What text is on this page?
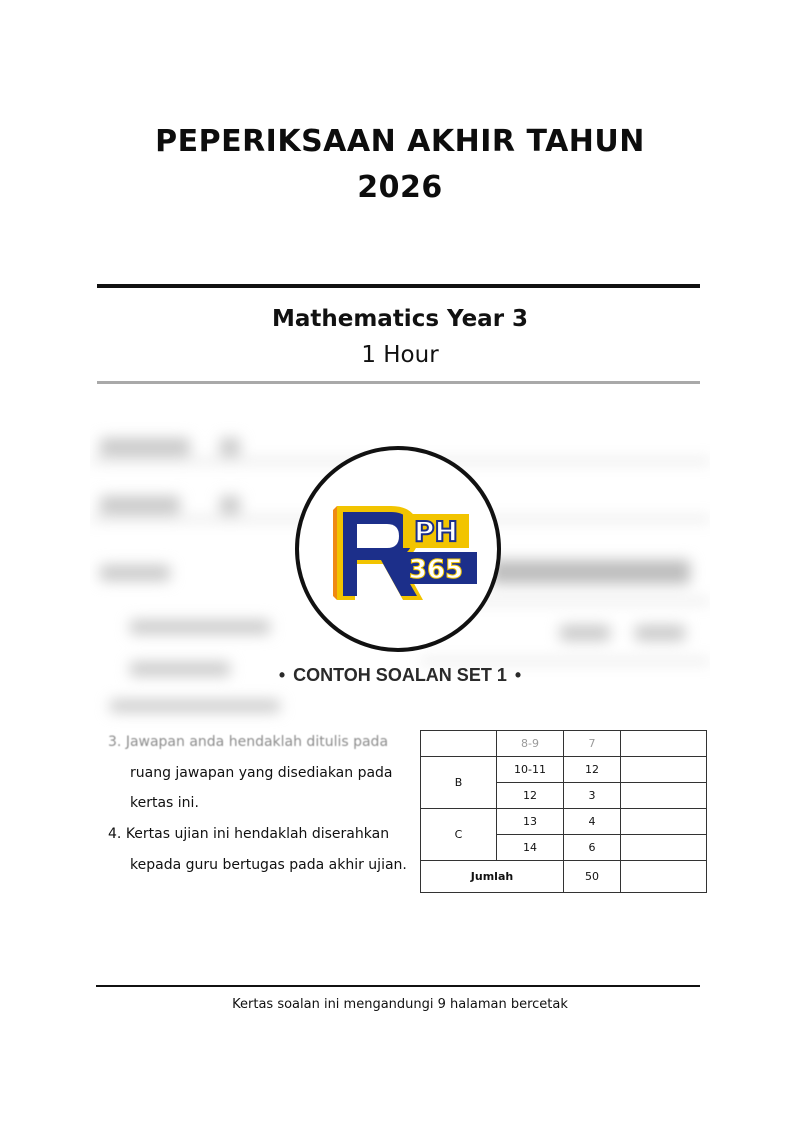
PEPERIKSAAN AKHIR TAHUN
2026
Mathematics Year 3
1 Hour
PH
365
• CONTOH SOALAN SET 1 •
3. Jawapan anda hendaklah ditulis pada
ruang jawapan yang disediakan pada
kertas ini.
4. Kertas ujian ini hendaklah diserahkan
kepada guru bertugas pada akhir ujian.
	8-9	7	
B	10-11	12	
	12	3	
C	13	4	
	14	6	
Jumlah		50	
Kertas soalan ini mengandungi 9 halaman bercetak
